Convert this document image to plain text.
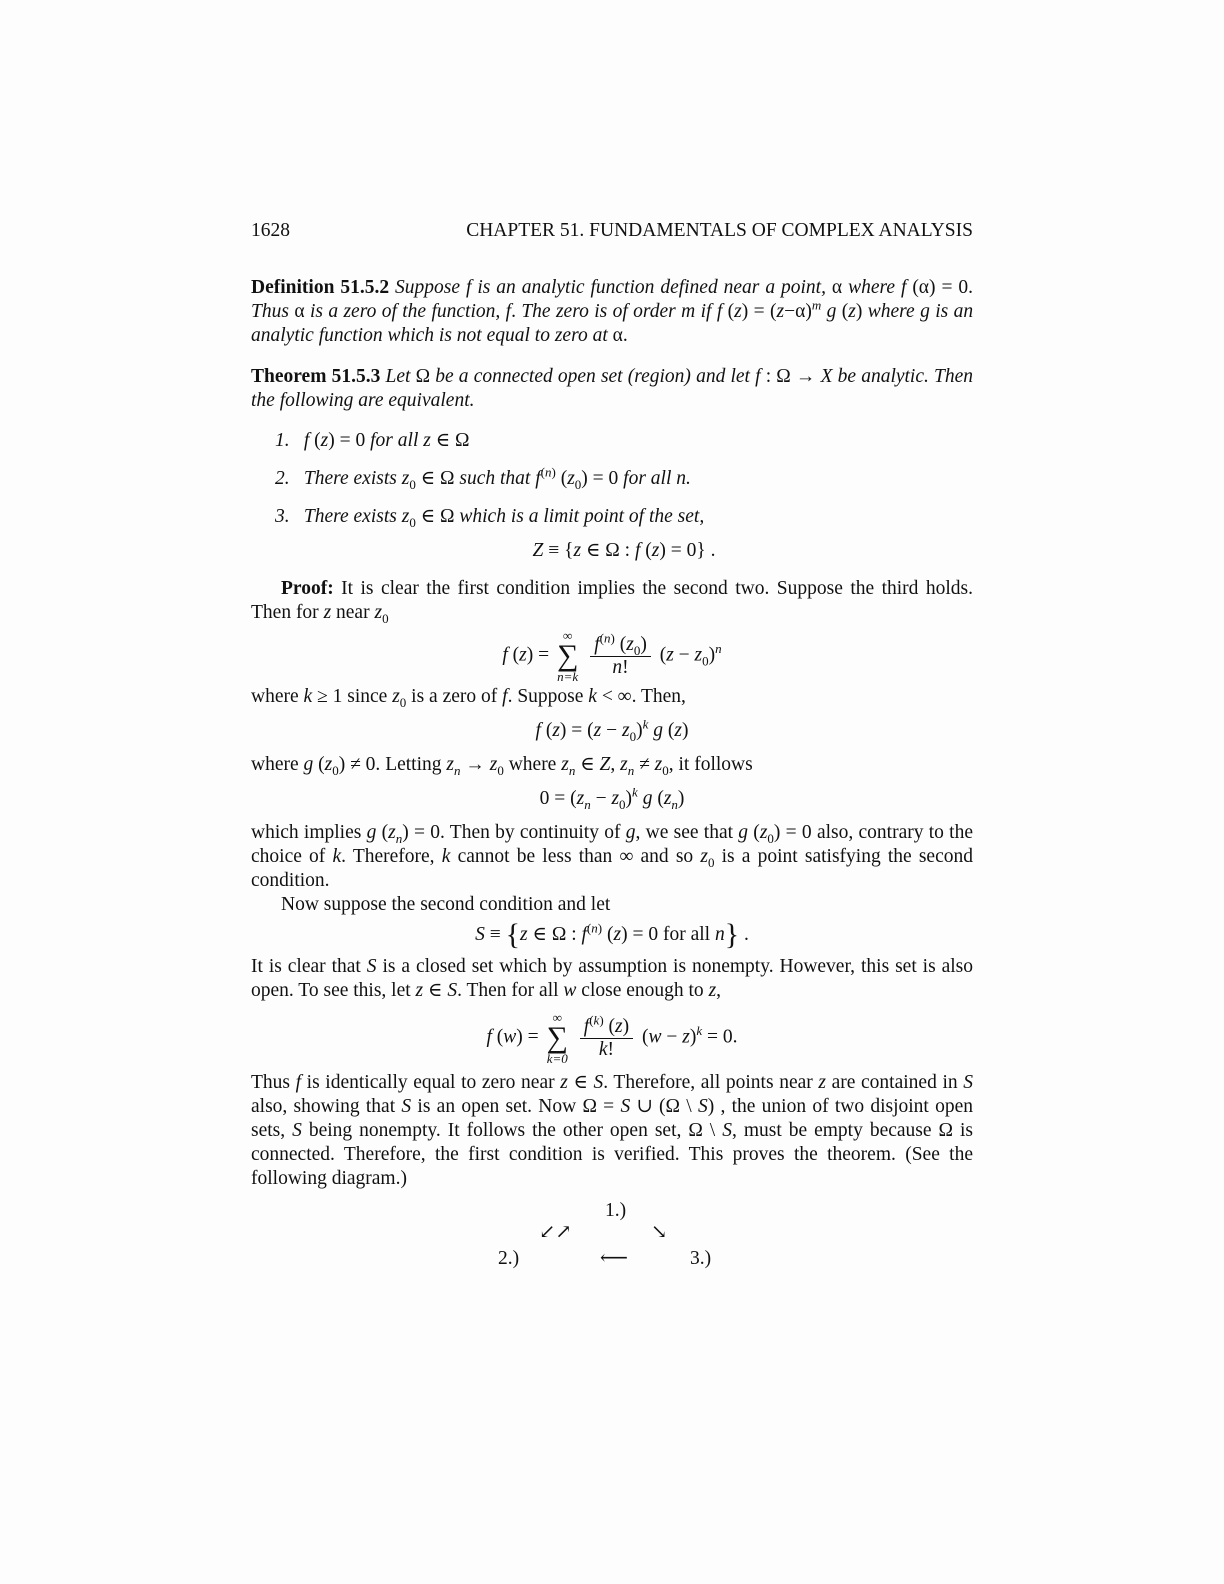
1628	CHAPTER 51. FUNDAMENTALS OF COMPLEX ANALYSIS
Definition 51.5.2 Suppose f is an analytic function defined near a point, α where f (α) = 0. Thus α is a zero of the function, f. The zero is of order m if f $(z) = (z-\alpha)^m$ g (z) where g is an analytic function which is not equal to zero at α.
Theorem 51.5.3 Let Ω be a connected open set (region) and let f : Ω → X be analytic. Then the following are equivalent.
1. f (z) = 0 for all z ∈ Ω
2. There exists $z_0$ ∈ Ω such that $f^{(n)}$ $(z_0) = 0$ for all n.
3. There exists $z_0$ ∈ Ω which is a limit point of the set,
Z ≡ {z ∈ Ω : f (z) = 0} .
Proof: It is clear the first condition implies the second two. Suppose the third holds. Then for z near $z_0$
f (z) =
∞
∑
n=k
$\frac{f^{(n)} (z_0)}{n!} (z - z_0)^n$
where k ≥ 1 since $z_0$ is a zero of f. Suppose k < ∞. Then,
f $(z) = (z - z_0)^k$ g (z)
where g $(z_0) \ne 0$. Letting $z_n \to z_0$ where $z_n$ ∈ Z, $z_n \ne z_0$, it follows
$0 = (z_n - z_0)^k$ g $(z_n)$
which implies g $(z_n) = 0$. Then by continuity of g, we see that g $(z_0) = 0$ also, contrary to the choice of k. Therefore, k cannot be less than ∞ and so $z_0$ is a point satisfying the second condition.
Now suppose the second condition and let
S ≡ {z ∈ Ω : $f^{(n)}$ (z) = 0 for all n} .
It is clear that S is a closed set which by assumption is nonempty. However, this set is also open. To see this, let z ∈ S. Then for all w close enough to z,
f (w) =
∞
∑
k=0
$\frac{f^{(k)} (z)}{k!} (w - z)^k = 0$.
Thus f is identically equal to zero near z ∈ S. Therefore, all points near z are contained in S also, showing that S is an open set. Now Ω = S ∪ (Ω \ S) , the union of two disjoint open sets, S being nonempty. It follows the other open set, Ω \ S, must be empty because Ω is connected. Therefore, the first condition is verified. This proves the theorem. (See the following diagram.)
1.)
↙↗	↘
2.)	⟵	3.)
